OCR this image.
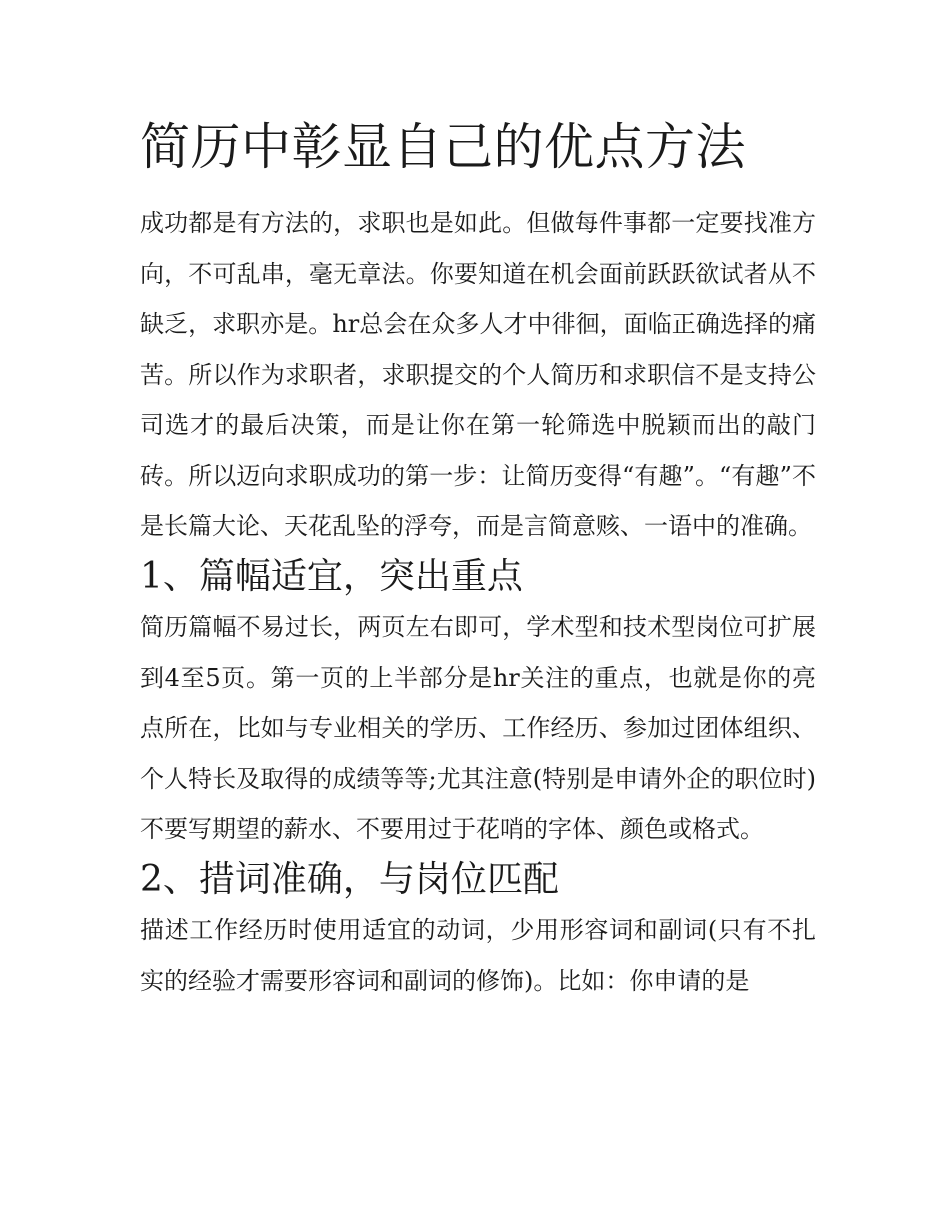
简历中彰显自己的优点方法

成功都是有方法的，求职也是如此。但做每件事都一定要找准方向，不可乱串，毫无章法。你要知道在机会面前跃跃欲试者从不缺乏，求职亦是。hr总会在众多人才中徘徊，面临正确选择的痛苦。所以作为求职者，求职提交的个人简历和求职信不是支持公司选才的最后决策，而是让你在第一轮筛选中脱颖而出的敲门砖。所以迈向求职成功的第一步：让简历变得“有趣”。“有趣”不是长篇大论、天花乱坠的浮夸，而是言简意赅、一语中的准确。

1、篇幅适宜，突出重点

简历篇幅不易过长，两页左右即可，学术型和技术型岗位可扩展到4至5页。第一页的上半部分是hr关注的重点，也就是你的亮点所在，比如与专业相关的学历、工作经历、参加过团体组织、个人特长及取得的成绩等等;尤其注意(特别是申请外企的职位时)不要写期望的薪水、不要用过于花哨的字体、颜色或格式。

2、措词准确，与岗位匹配

描述工作经历时使用适宜的动词，少用形容词和副词(只有不扎实的经验才需要形容词和副词的修饰)。比如：你申请的是
